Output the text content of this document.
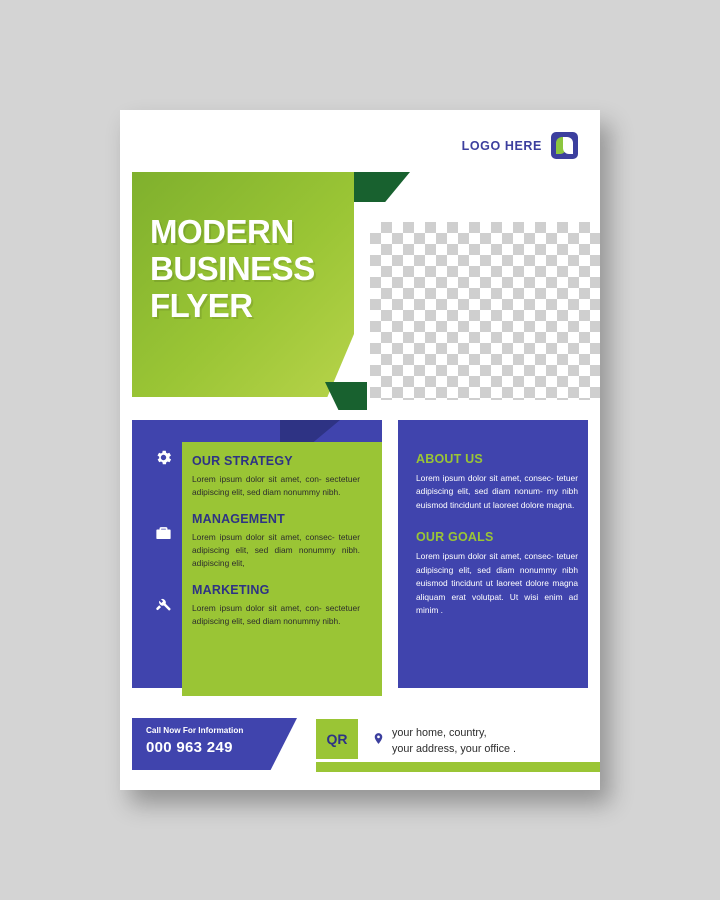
LOGO HERE
MODERN BUSINESS FLYER
OUR STRATEGY

Lorem ipsum dolor sit amet, con- sectetuer adipiscing elit, sed diam nonummy nibh.

MANAGEMENT

Lorem ipsum dolor sit amet, consec- tetuer adipiscing elit, sed diam nonummy nibh. adipiscing elit,

MARKETING

Lorem ipsum dolor sit amet, con- sectetuer adipiscing elit, sed diam nonummy nibh.

ABOUT US

Lorem ipsum dolor sit amet, consec- tetuer adipiscing elit, sed diam nonum- my nibh euismod tincidunt ut laoreet dolore magna.

OUR GOALS

Lorem ipsum dolor sit amet, consec- tetuer adipiscing elit, sed diam nonummy nibh euismod tincidunt ut laoreet dolore magna aliquam erat volutpat. Ut wisi enim ad minim .

Call Now For Information
000 963 249	QR	your home, country,
your address, your office .
